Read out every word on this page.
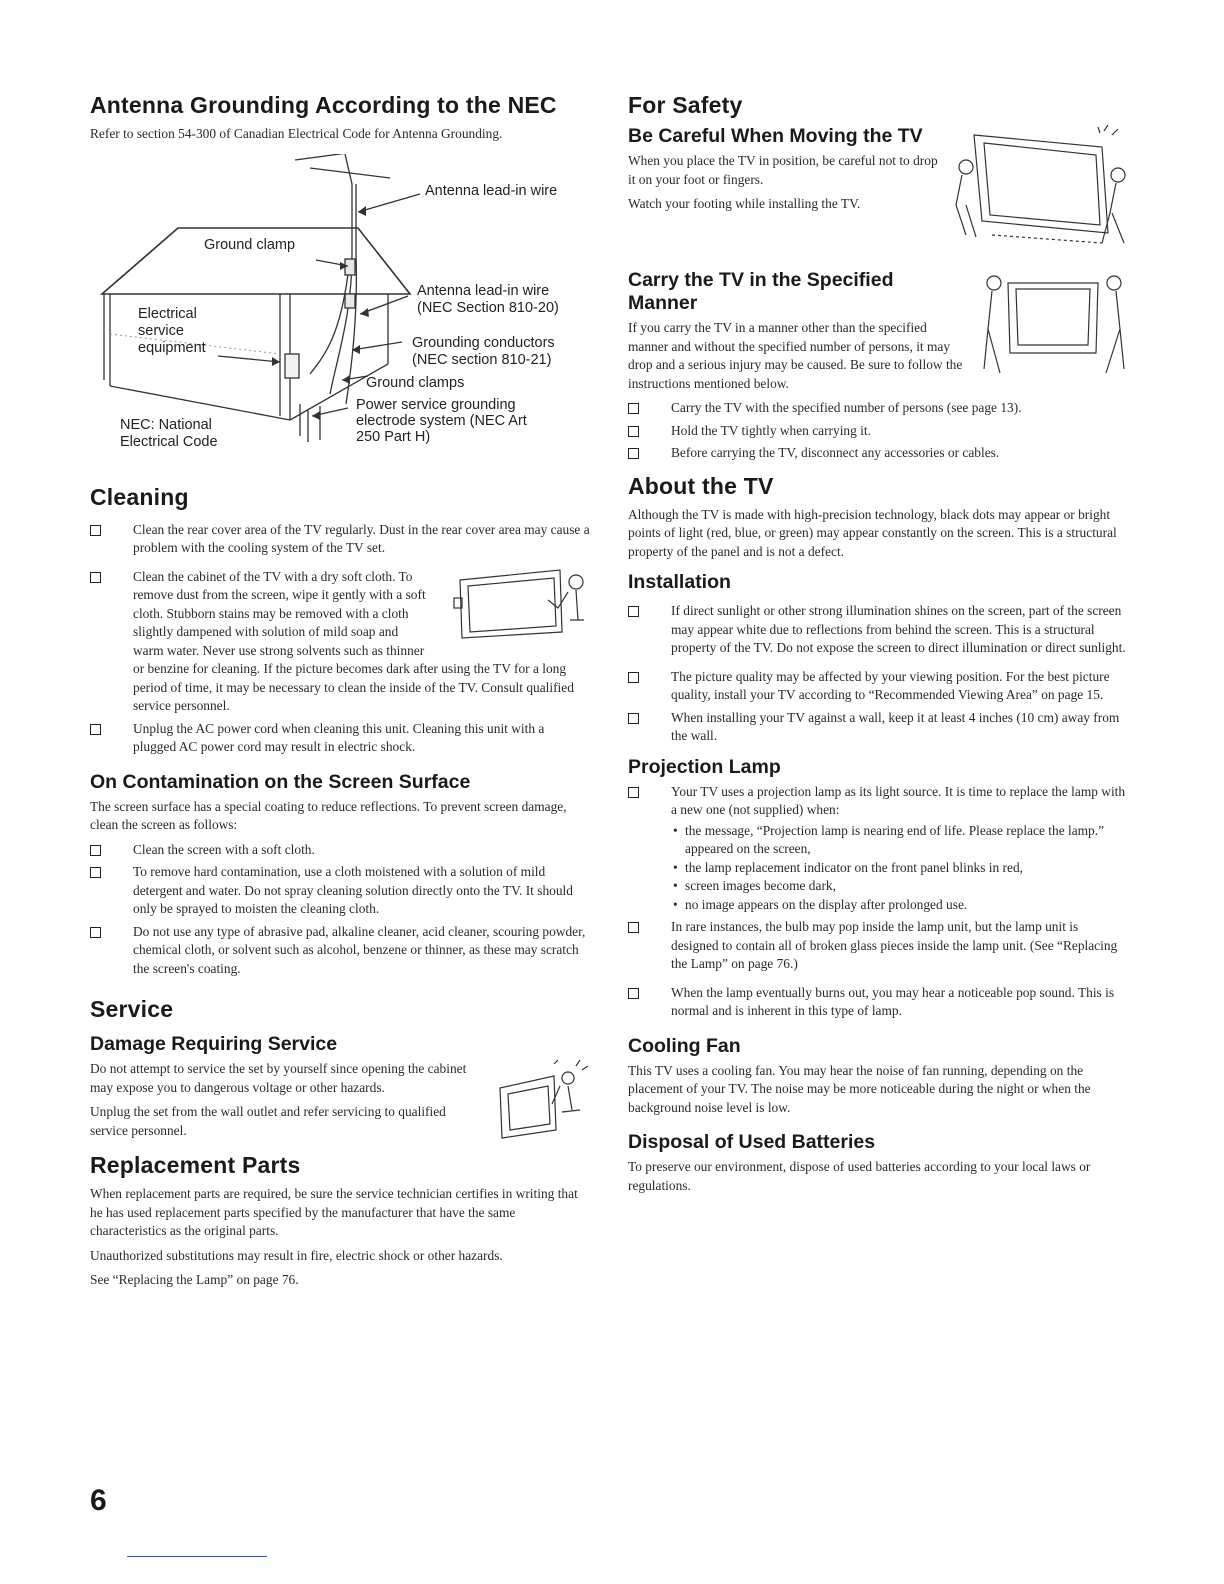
Antenna Grounding According to the NEC

Refer to section 54-300 of Canadian Electrical Code for Antenna Grounding.

Antenna lead-in wire
Ground clamp
Electrical
service
equipment
Antenna lead-in wire
(NEC Section 810-20)
Grounding conductors
(NEC section 810-21)
Ground clamps
Power service grounding
electrode system (NEC Art
250 Part H)
NEC: National
Electrical Code
Cleaning
Clean the rear cover area of the TV regularly. Dust in the rear cover area may cause a problem with the cooling system of the TV set.
Clean the cabinet of the TV with a dry soft cloth. To remove dust from the screen, wipe it gently with a soft cloth. Stubborn stains may be removed with a cloth slightly dampened with solution of mild soap and warm water. Never use strong solvents such as thinner or benzine for cleaning. If the picture becomes dark after using the TV for a long period of time, it may be necessary to clean the inside of the TV. Consult qualified service personnel.
Unplug the AC power cord when cleaning this unit. Cleaning this unit with a plugged AC power cord may result in electric shock.
On Contamination on the Screen Surface

The screen surface has a special coating to reduce reflections. To prevent screen damage, clean the screen as follows:

Clean the screen with a soft cloth.
To remove hard contamination, use a cloth moistened with a solution of mild detergent and water. Do not spray cleaning solution directly onto the TV. It should only be sprayed to moisten the cleaning cloth.
Do not use any type of abrasive pad, alkaline cleaner, acid cleaner, scouring powder, chemical cloth, or solvent such as alcohol, benzene or thinner, as these may scratch the screen's coating.
Service
Damage Requiring Service

Do not attempt to service the set by yourself since opening the cabinet may expose you to dangerous voltage or other hazards.

Unplug the set from the wall outlet and refer servicing to qualified service personnel.

Replacement Parts

When replacement parts are required, be sure the service technician certifies in writing that he has used replacement parts specified by the manufacturer that have the same characteristics as the original parts.

Unauthorized substitutions may result in fire, electric shock or other hazards.

See “Replacing the Lamp” on page 76.

For Safety
Be Careful When Moving the TV

When you place the TV in position, be careful not to drop it on your foot or fingers.

Watch your footing while installing the TV.

Carry the TV in the Specified Manner

If you carry the TV in a manner other than the specified manner and without the specified number of persons, it may drop and a serious injury may be caused. Be sure to follow the instructions mentioned below.

Carry the TV with the specified number of persons (see page 13).
Hold the TV tightly when carrying it.
Before carrying the TV, disconnect any accessories or cables.
About the TV

Although the TV is made with high-precision technology, black dots may appear or bright points of light (red, blue, or green) may appear constantly on the screen. This is a structural property of the panel and is not a defect.

Installation
If direct sunlight or other strong illumination shines on the screen, part of the screen may appear white due to reflections from behind the screen. This is a structural property of the TV. Do not expose the screen to direct illumination or direct sunlight.
The picture quality may be affected by your viewing position. For the best picture quality, install your TV according to “Recommended Viewing Area” on page 15.
When installing your TV against a wall, keep it at least 4 inches (10 cm) away from the wall.
Projection Lamp
Your TV uses a projection lamp as its light source. It is time to replace the lamp with a new one (not supplied) when:
• the message, “Projection lamp is nearing end of life. Please replace the lamp.” appeared on the screen,
• the lamp replacement indicator on the front panel blinks in red,
• screen images become dark,
• no image appears on the display after prolonged use.
In rare instances, the bulb may pop inside the lamp unit, but the lamp unit is designed to contain all of broken glass pieces inside the lamp unit. (See “Replacing the Lamp” on page 76.)
When the lamp eventually burns out, you may hear a noticeable pop sound. This is normal and is inherent in this type of lamp.
Cooling Fan

This TV uses a cooling fan. You may hear the noise of fan running, depending on the placement of your TV. The noise may be more noticeable during the night or when the background noise level is low.

Disposal of Used Batteries

To preserve our environment, dispose of used batteries according to your local laws or regulations.

6
